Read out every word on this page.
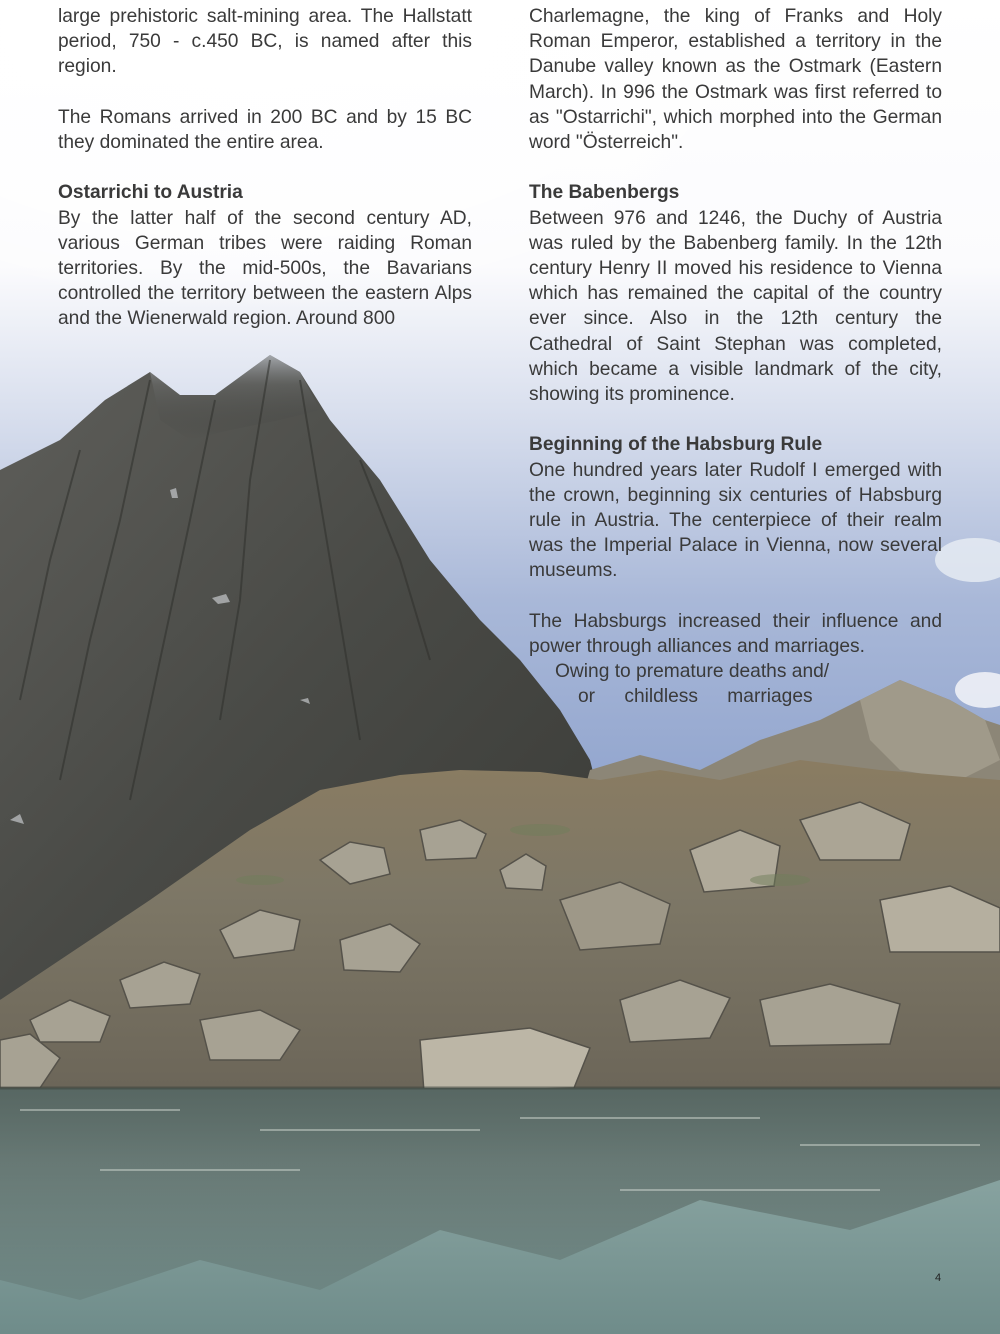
large prehistoric salt-mining area. The Hallstatt period, 750 - c.450 BC, is named after this region.

The Romans arrived in 200 BC and by 15 BC they dominated the entire area.

Ostarrichi to Austria

By the latter half of the second century AD, various German tribes were raiding Roman territories. By the mid-500s, the Bavarians controlled the territory between the eastern Alps and the Wienerwald region. Around 800

Charlemagne, the king of Franks and Holy Roman Emperor, established a territory in the Danube valley known as the Ostmark (Eastern March). In 996 the Ostmark was first referred to as "Ostarrichi", which morphed into the German word "Österreich".

The Babenbergs

Between 976 and 1246, the Duchy of Austria was ruled by the Babenberg family. In the 12th century Henry II moved his residence to Vienna which has remained the capital of the country ever since. Also in the 12th century the Cathedral of Saint Stephan was completed, which became a visible landmark of the city, showing its prominence.

Beginning of the Habsburg Rule

One hundred years later Rudolf I emerged with the crown, beginning six centuries of Habsburg rule in Austria. The centerpiece of their realm was the Imperial Palace in Vienna, now several museums.

The Habsburgs increased their influence and power through alliances and marriages.

Owing to premature deaths and/
or childless marriages
4
